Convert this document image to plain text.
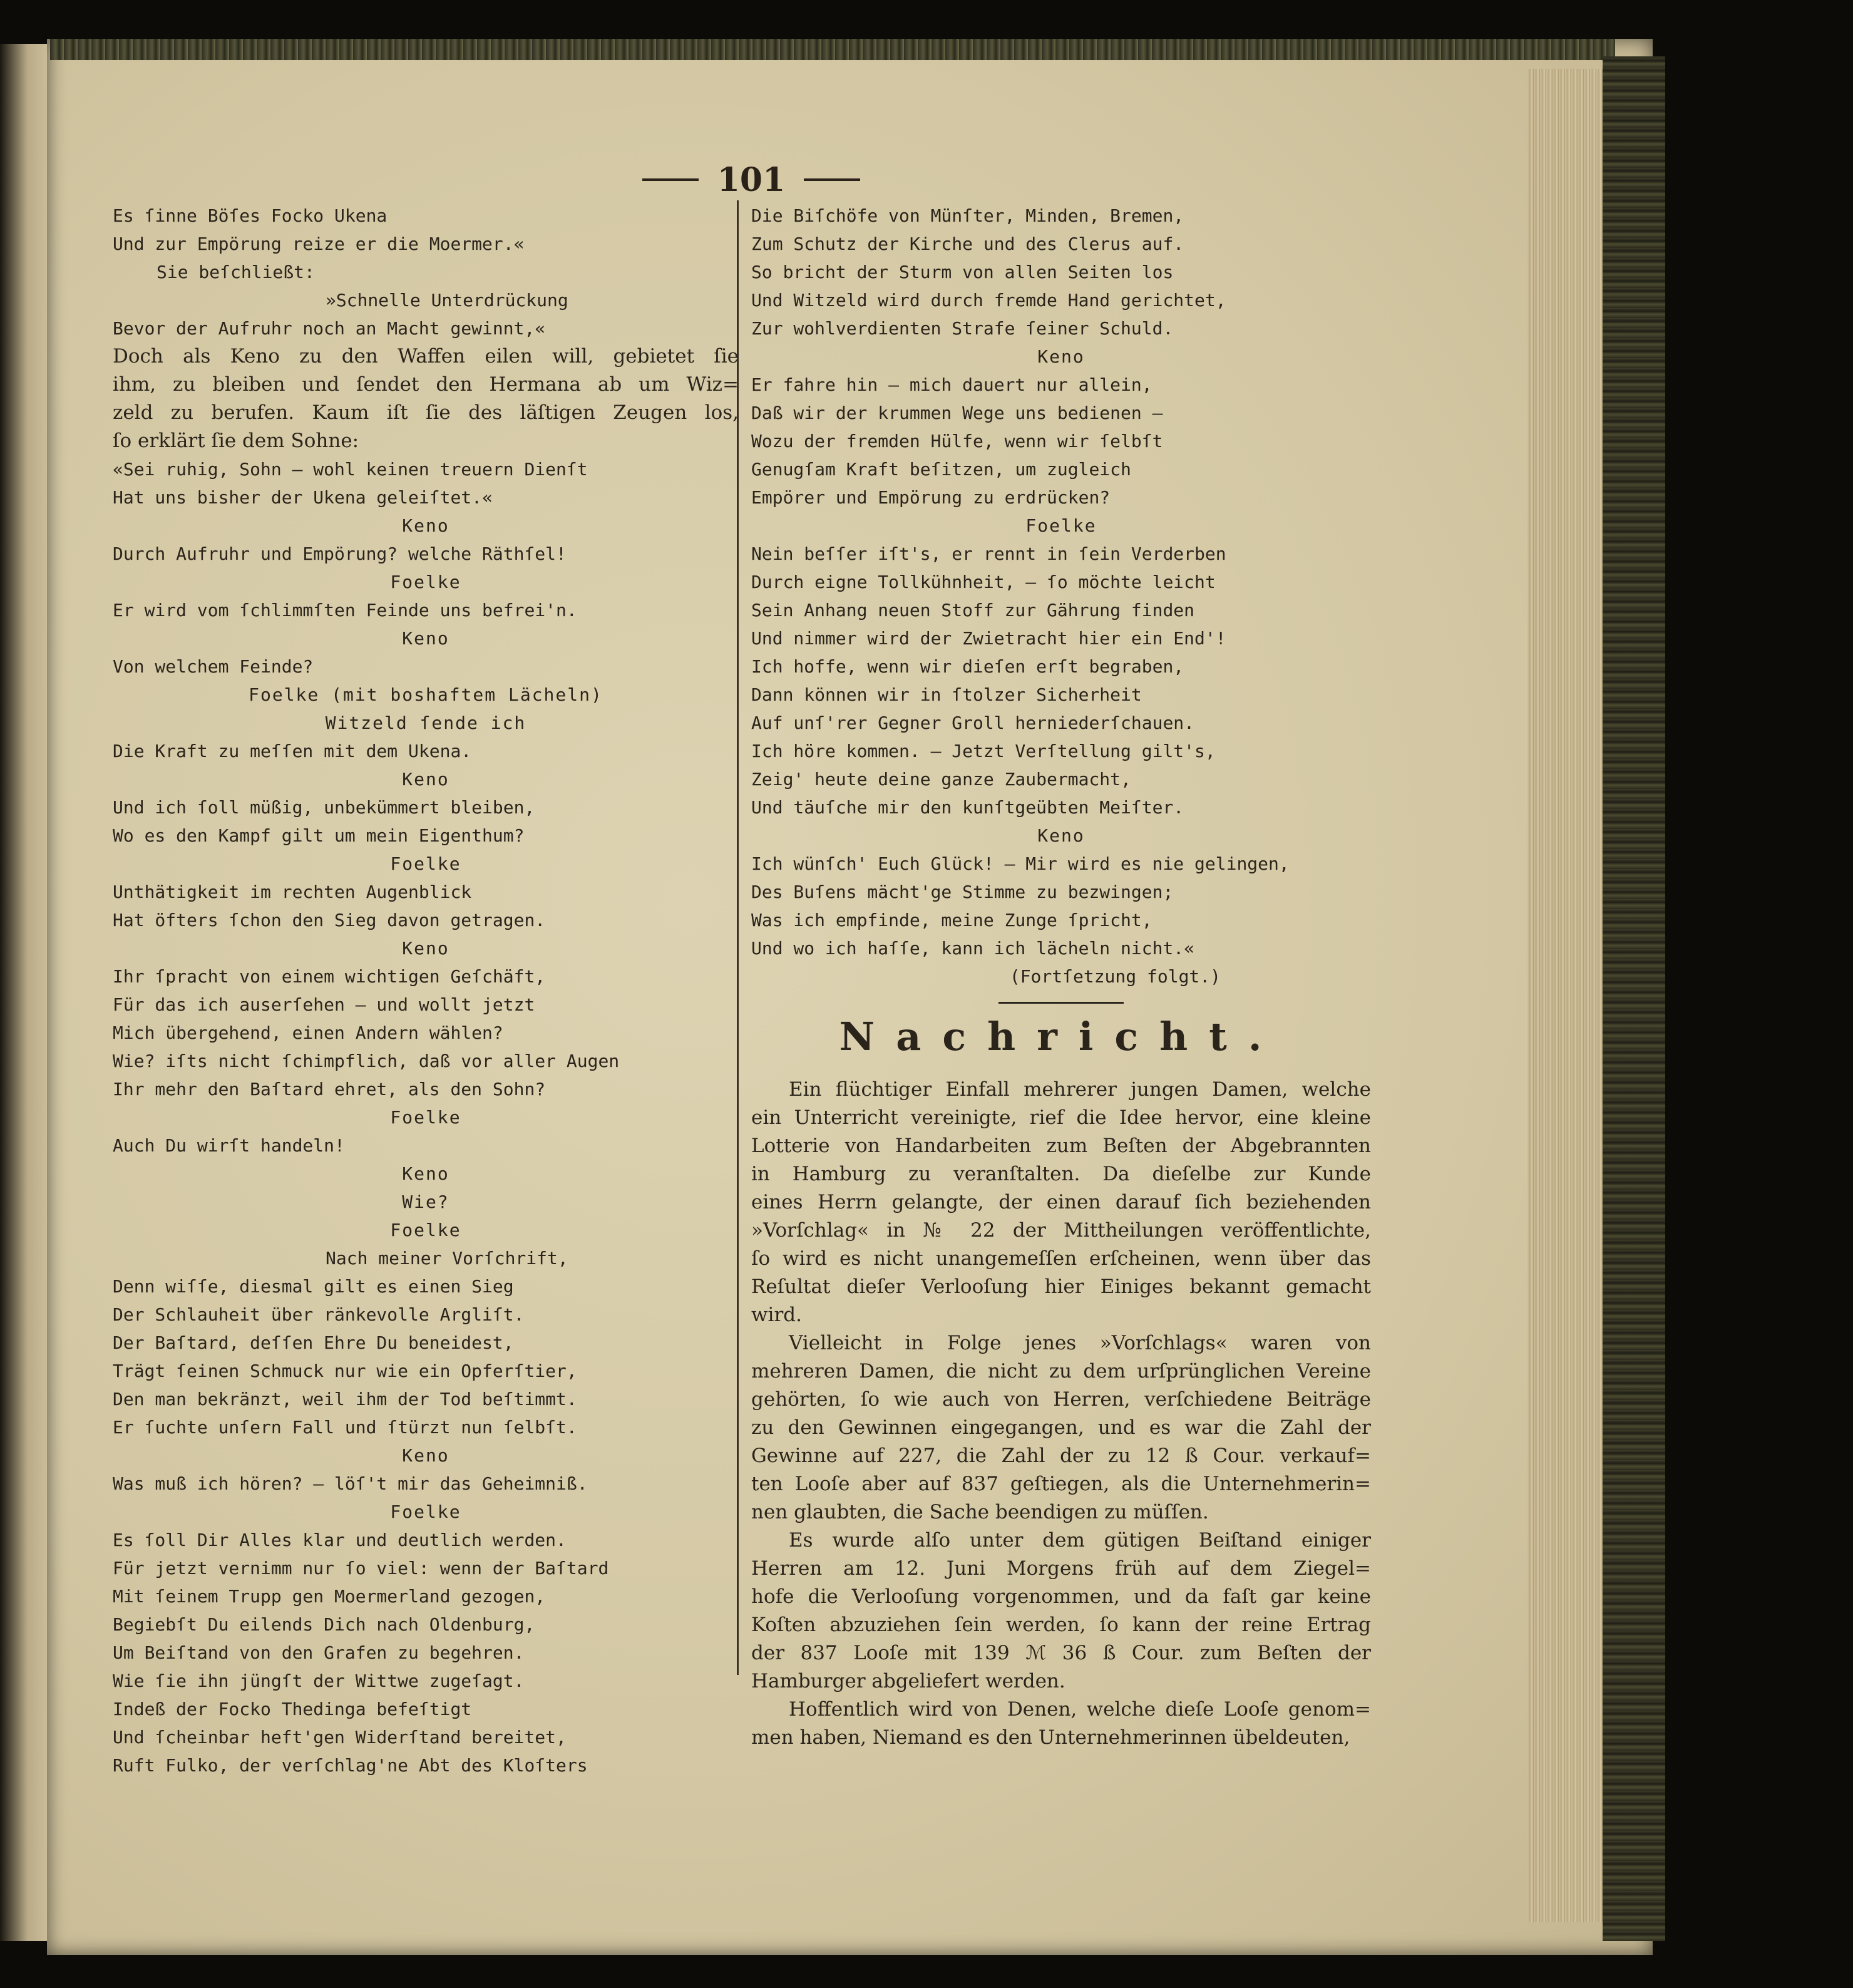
101
Es ſinne Böſes Focko Ukena
Und zur Empörung reize er die Moermer.«
Sie beſchließt:
»Schnelle Unterdrückung
Bevor der Aufruhr noch an Macht gewinnt,«
Doch als Keno zu den Waffen eilen will, gebietet ſie
ihm, zu bleiben und ſendet den Hermana ab um Wiz=
zeld zu berufen. Kaum iſt ſie des läſtigen Zeugen los,
ſo erklärt ſie dem Sohne:
«Sei ruhig, Sohn — wohl keinen treuern Dienſt
Hat uns bisher der Ukena geleiſtet.«
Keno
Durch Aufruhr und Empörung? welche Räthſel!
Foelke
Er wird vom ſchlimmſten Feinde uns befrei'n.
Keno
Von welchem Feinde?
Foelke (mit boshaftem Lächeln)
Witzeld ſende ich
Die Kraft zu meſſen mit dem Ukena.
Keno
Und ich ſoll müßig, unbekümmert bleiben,
Wo es den Kampf gilt um mein Eigenthum?
Foelke
Unthätigkeit im rechten Augenblick
Hat öfters ſchon den Sieg davon getragen.
Keno
Ihr ſpracht von einem wichtigen Geſchäft,
Für das ich auserſehen — und wollt jetzt
Mich übergehend, einen Andern wählen?
Wie? iſts nicht ſchimpflich, daß vor aller Augen
Ihr mehr den Baſtard ehret, als den Sohn?
Foelke
Auch Du wirſt handeln!
Keno
Wie?
Foelke
Nach meiner Vorſchrift,
Denn wiſſe, diesmal gilt es einen Sieg
Der Schlauheit über ränkevolle Argliſt.
Der Baſtard, deſſen Ehre Du beneidest,
Trägt ſeinen Schmuck nur wie ein Opferſtier,
Den man bekränzt, weil ihm der Tod beſtimmt.
Er ſuchte unſern Fall und ſtürzt nun ſelbſt.
Keno
Was muß ich hören? — löſ't mir das Geheimniß.
Foelke
Es ſoll Dir Alles klar und deutlich werden.
Für jetzt vernimm nur ſo viel: wenn der Baſtard
Mit ſeinem Trupp gen Moermerland gezogen,
Begiebſt Du eilends Dich nach Oldenburg,
Um Beiſtand von den Grafen zu begehren.
Wie ſie ihn jüngſt der Wittwe zugeſagt.
Indeß der Focko Thedinga befeſtigt
Und ſcheinbar heft'gen Widerſtand bereitet,
Ruft Fulko, der verſchlag'ne Abt des Kloſters
Die Biſchöfe von Münſter, Minden, Bremen,
Zum Schutz der Kirche und des Clerus auf.
So bricht der Sturm von allen Seiten los
Und Witzeld wird durch fremde Hand gerichtet,
Zur wohlverdienten Strafe ſeiner Schuld.
Keno
Er fahre hin — mich dauert nur allein,
Daß wir der krummen Wege uns bedienen —
Wozu der fremden Hülfe, wenn wir ſelbſt
Genugſam Kraft beſitzen, um zugleich
Empörer und Empörung zu erdrücken?
Foelke
Nein beſſer iſt's, er rennt in ſein Verderben
Durch eigne Tollkühnheit, — ſo möchte leicht
Sein Anhang neuen Stoff zur Gährung finden
Und nimmer wird der Zwietracht hier ein End'!
Ich hoffe, wenn wir dieſen erſt begraben,
Dann können wir in ſtolzer Sicherheit
Auf unſ'rer Gegner Groll herniederſchauen.
Ich höre kommen. — Jetzt Verſtellung gilt's,
Zeig' heute deine ganze Zaubermacht,
Und täuſche mir den kunſtgeübten Meiſter.
Keno
Ich wünſch' Euch Glück! — Mir wird es nie gelingen,
Des Buſens mächt'ge Stimme zu bezwingen;
Was ich empfinde, meine Zunge ſpricht,
Und wo ich haſſe, kann ich lächeln nicht.«
(Fortſetzung folgt.)
Nachricht.
Ein flüchtiger Einfall mehrerer jungen Damen, welche
ein Unterricht vereinigte, rief die Idee hervor, eine kleine
Lotterie von Handarbeiten zum Beſten der Abgebrannten
in Hamburg zu veranſtalten. Da dieſelbe zur Kunde
eines Herrn gelangte, der einen darauf ſich beziehenden
»Vorſchlag« in № 22 der Mittheilungen veröffentlichte,
ſo wird es nicht unangemeſſen erſcheinen, wenn über das
Reſultat dieſer Verlooſung hier Einiges bekannt gemacht
wird.
Vielleicht in Folge jenes »Vorſchlags« waren von
mehreren Damen, die nicht zu dem urſprünglichen Vereine
gehörten, ſo wie auch von Herren, verſchiedene Beiträge
zu den Gewinnen eingegangen, und es war die Zahl der
Gewinne auf 227, die Zahl der zu 12 ß Cour. verkauf=
ten Looſe aber auf 837 geſtiegen, als die Unternehmerin=
nen glaubten, die Sache beendigen zu müſſen.
Es wurde alſo unter dem gütigen Beiſtand einiger
Herren am 12. Juni Morgens früh auf dem Ziegel=
hofe die Verlooſung vorgenommen, und da faſt gar keine
Koſten abzuziehen ſein werden, ſo kann der reine Ertrag
der 837 Looſe mit 139 ℳ 36 ß Cour. zum Beſten der
Hamburger abgeliefert werden.
Hoffentlich wird von Denen, welche dieſe Looſe genom=
men haben, Niemand es den Unternehmerinnen übeldeuten,
